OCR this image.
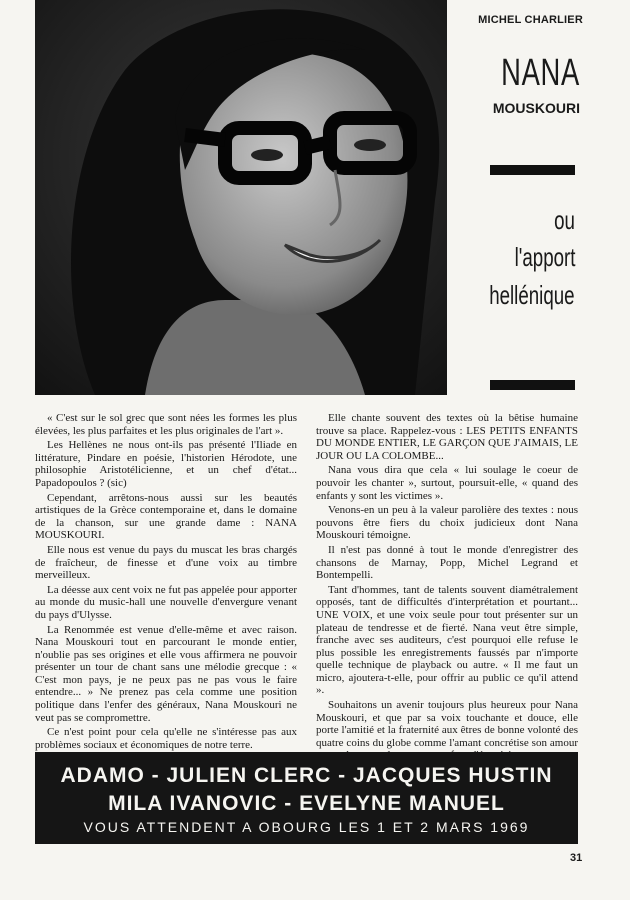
MICHEL CHARLIER
NANA
MOUSKOURI
ou
l'apport
hellénique

« C'est sur le sol grec que sont nées les formes les plus élevées, les plus parfaites et les plus originales de l'art ».

Les Hellènes ne nous ont-ils pas présenté l'Iliade en littérature, Pindare en poésie, l'historien Hérodote, une philosophie Aristotélicienne, et un chef d'état... Papadopoulos ? (sic)

Cependant, arrêtons-nous aussi sur les beautés artistiques de la Grèce contemporaine et, dans le domaine de la chanson, sur une grande dame : NANA MOUSKOURI.

Elle nous est venue du pays du muscat les bras chargés de fraîcheur, de finesse et d'une voix au timbre merveilleux.

La déesse aux cent voix ne fut pas appelée pour apporter au monde du music-hall une nouvelle d'envergure venant du pays d'Ulysse.

La Renommée est venue d'elle-même et avec raison. Nana Mouskouri tout en parcourant le monde entier, n'oublie pas ses origines et elle vous affirmera ne pouvoir présenter un tour de chant sans une mélodie grecque : « C'est mon pays, je ne peux pas ne pas vous le faire entendre... » Ne prenez pas cela comme une position politique dans l'enfer des généraux, Nana Mouskouri ne veut pas se compromettre.

Ce n'est point pour cela qu'elle ne s'intéresse pas aux problèmes sociaux et économiques de notre terre.

Elle chante souvent des textes où la bêtise humaine trouve sa place. Rappelez-vous : LES PETITS ENFANTS DU MONDE ENTIER, LE GARÇON QUE J'AIMAIS, LE JOUR OU LA COLOMBE...

Nana vous dira que cela « lui soulage le coeur de pouvoir les chanter », surtout, poursuit-elle, « quand des enfants y sont les victimes ».

Venons-en un peu à la valeur parolière des textes : nous pouvons être fiers du choix judicieux dont Nana Mouskouri témoigne.

Il n'est pas donné à tout le monde d'enregistrer des chansons de Marnay, Popp, Michel Legrand et Bontempelli.

Tant d'hommes, tant de talents souvent diamétralement opposés, tant de difficultés d'interprétation et pourtant... UNE VOIX, et une voix seule pour tout présenter sur un plateau de tendresse et de fierté. Nana veut être simple, franche avec ses auditeurs, c'est pourquoi elle refuse le plus possible les enregistrements faussés par n'importe quelle technique de playback ou autre. « Il me faut un micro, ajoutera-t-elle, pour offrir au public ce qu'il attend ».

Souhaitons un avenir toujours plus heureux pour Nana Mouskouri, et que par sa voix touchante et douce, elle porte l'amitié et la fraternité aux êtres de bonne volonté des quatre coins du globe comme l'amant concrétise son amour

ADAMO - JULIEN CLERC - JACQUES HUSTIN
MILA IVANOVIC - EVELYNE MANUEL
VOUS ATTENDENT A OBOURG LES 1 ET 2 MARS 1969
31
